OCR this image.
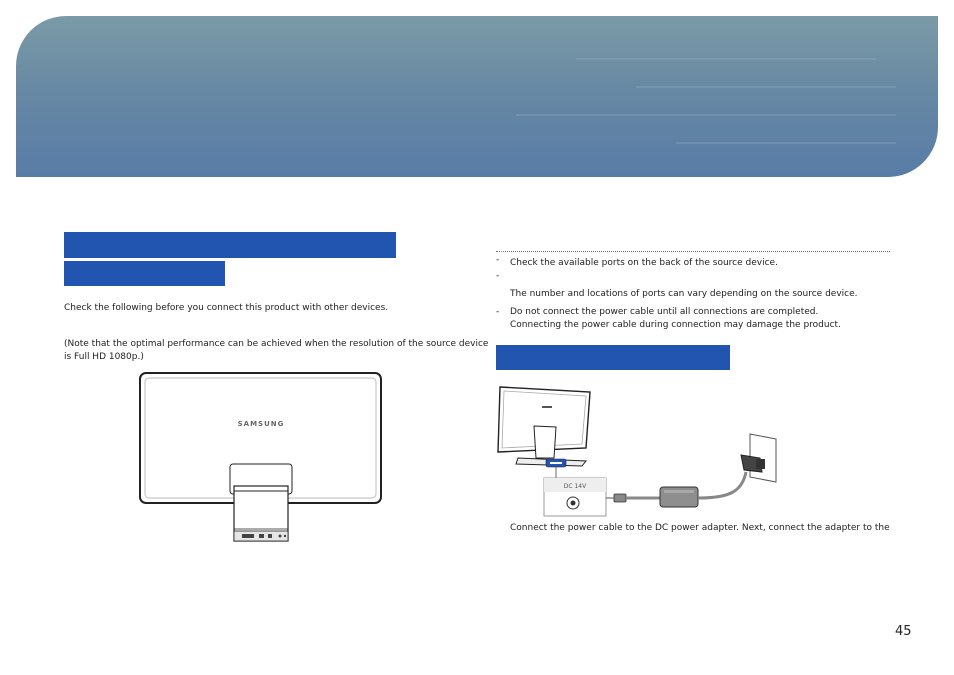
Check the following before you connect this product with other devices.
(Note that the optimal performance can be achieved when the resolution of the source device
is Full HD 1080p.)
SAMSUNG
- Check the available ports on the back of the source device.
-
The number and locations of ports can vary depending on the source device.
- Do not connect the power cable until all connections are completed.
Connecting the power cable during connection may damage the product.
DC 14V
Connect the power cable to the DC power adapter. Next, connect the adapter to the
45
